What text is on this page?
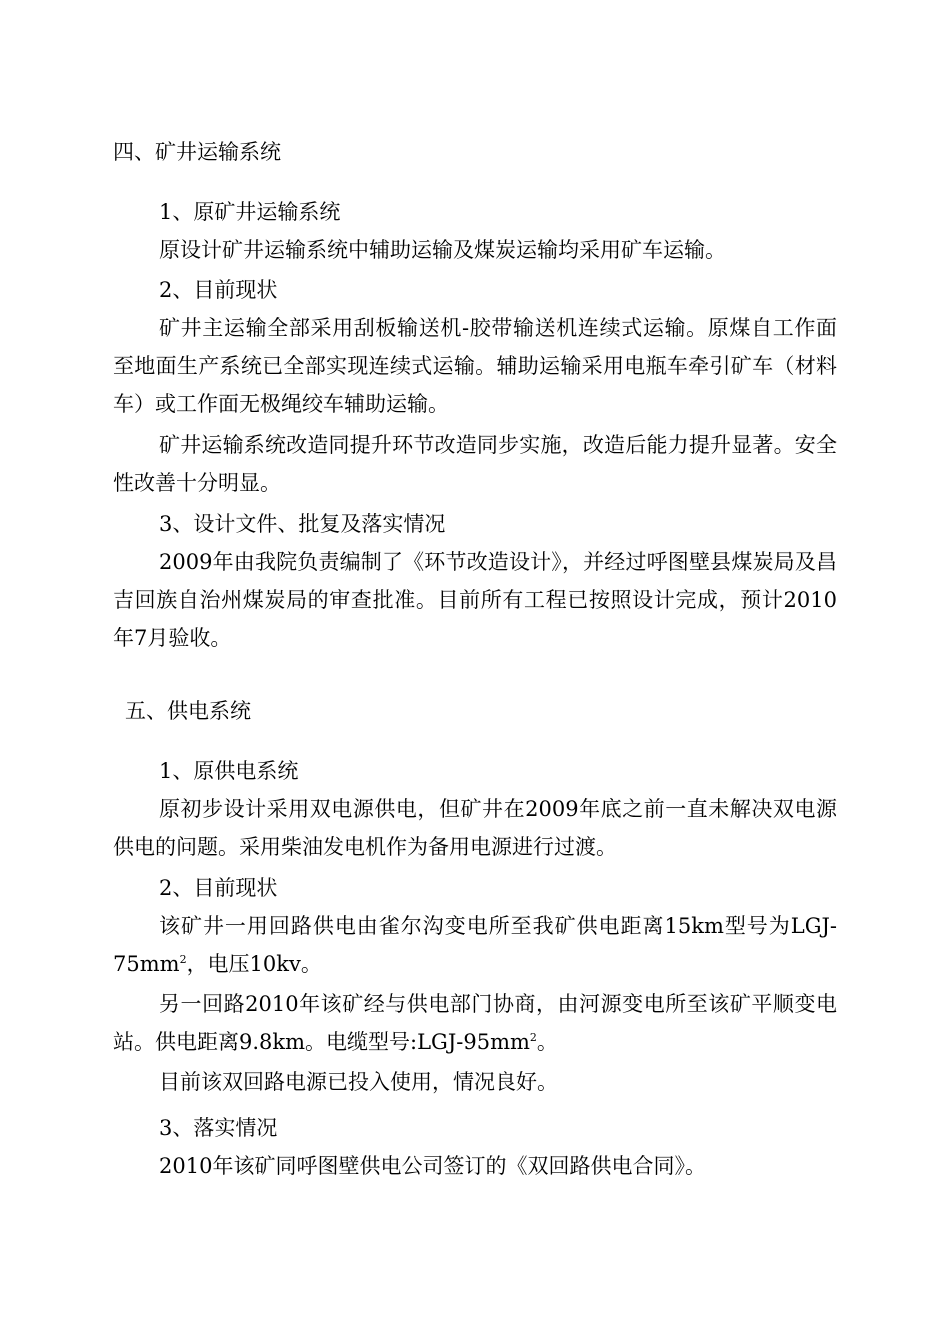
四、矿井运输系统

1、原矿井运输系统

原设计矿井运输系统中辅助运输及煤炭运输均采用矿车运输。

2、目前现状

矿井主运输全部采用刮板输送机-胶带输送机连续式运输。原煤自工作面至地面生产系统已全部实现连续式运输。辅助运输采用电瓶车牵引矿车（材料车）或工作面无极绳绞车辅助运输。

矿井运输系统改造同提升环节改造同步实施，改造后能力提升显著。安全性改善十分明显。

3、设计文件、批复及落实情况

2009年由我院负责编制了《环节改造设计》，并经过呼图壁县煤炭局及昌吉回族自治州煤炭局的审查批准。目前所有工程已按照设计完成，预计2010年7月验收。

五、供电系统

1、原供电系统

原初步设计采用双电源供电，但矿井在2009年底之前一直未解决双电源供电的问题。采用柴油发电机作为备用电源进行过渡。

2、目前现状

该矿井一用回路供电由雀尔沟变电所至我矿供电距离15km型号为LGJ-$75mm^2$，电压10kv。

另一回路2010年该矿经与供电部门协商，由河源变电所至该矿平顺变电站。供电距离9.8km。电缆型号$:LGJ-95mm^2$。

目前该双回路电源已投入使用，情况良好。

3、落实情况

2010年该矿同呼图壁供电公司签订的《双回路供电合同》。
